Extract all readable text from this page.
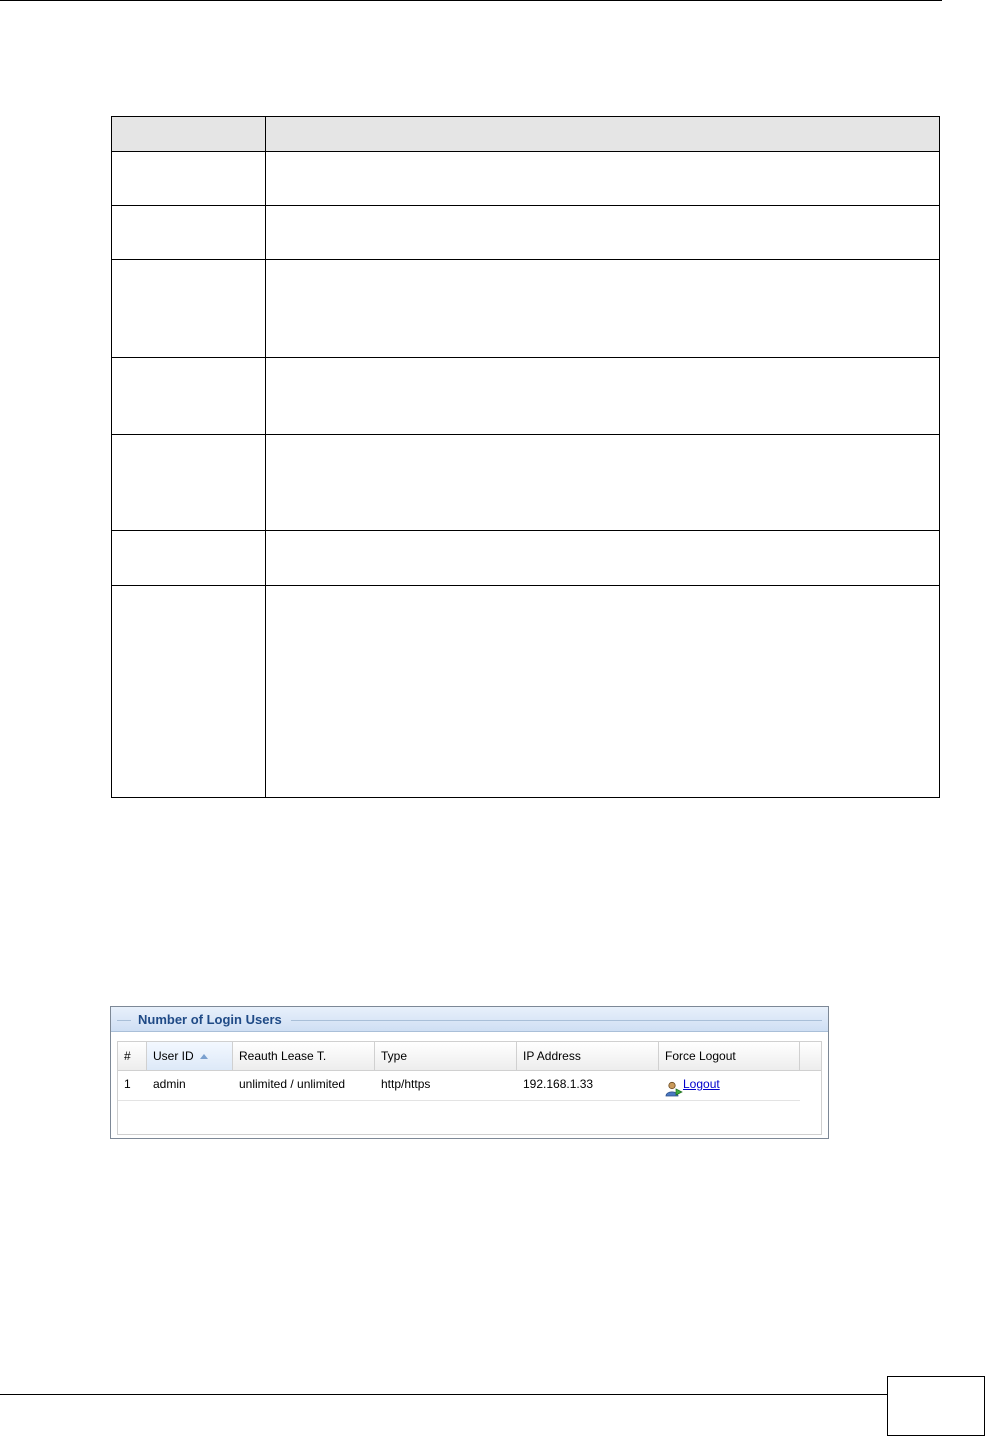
Number of Login Users
#	User ID	Reauth Lease T.	Type	IP Address	Force Logout
1	admin	unlimited / unlimited	http/https	192.168.1.33	Logout
